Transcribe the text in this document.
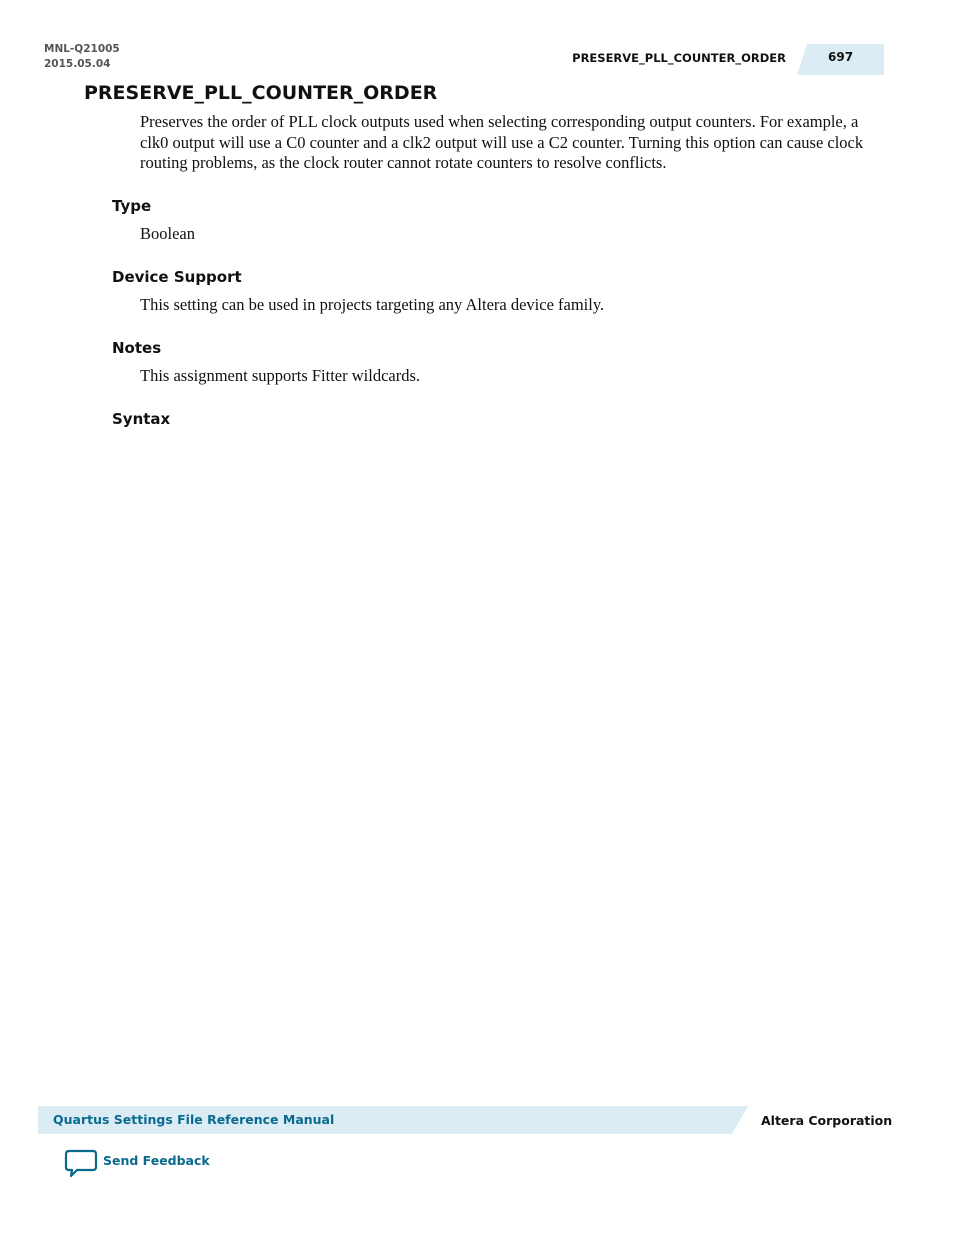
MNL-Q21005
2015.05.04	PRESERVE_PLL_COUNTER_ORDER	697
PRESERVE_PLL_COUNTER_ORDER
Preserves the order of PLL clock outputs used when selecting corresponding output counters. For example, a clk0 output will use a C0 counter and a clk2 output will use a C2 counter. Turning this option can cause clock routing problems, as the clock router cannot rotate counters to resolve conflicts.
Type
Boolean
Device Support
This setting can be used in projects targeting any Altera device family.
Notes
This assignment supports Fitter wildcards.
Syntax
Quartus Settings File Reference Manual	Altera Corporation
Send Feedback
